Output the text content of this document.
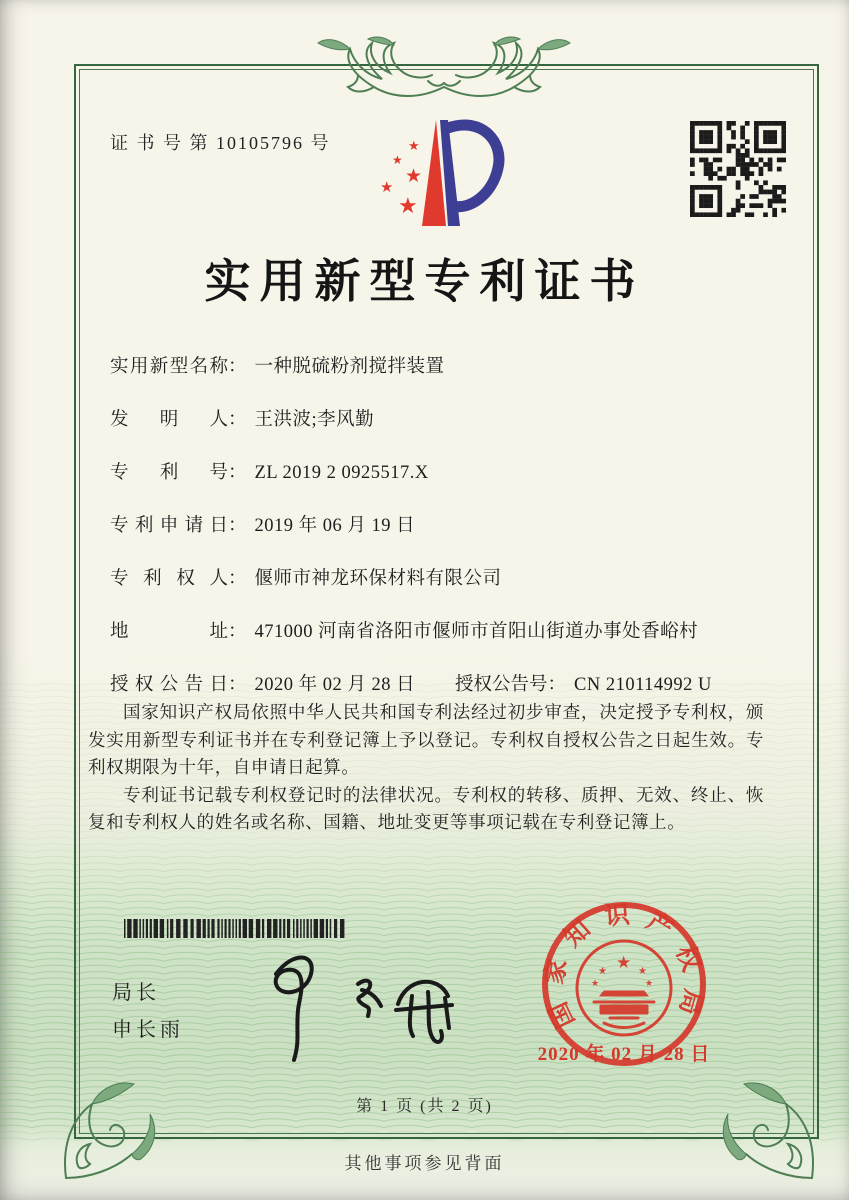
证 书 号 第 10105796 号	★
★
★
★
★
实用新型专利证书
实用新型名称： 一种脱硫粉剂搅拌装置
发明人： 王洪波;李风勤
专利号： ZL 2019 2 0925517.X
专利申请日： 2019 年 06 月 19 日
专利权人： 偃师市神龙环保材料有限公司
地址： 471000 河南省洛阳市偃师市首阳山街道办事处香峪村
授权公告日： 2020 年 02 月 28 日 授权公告号： CN 210114992 U

国家知识产权局依照中华人民共和国专利法经过初步审查，决定授予专利权，颁发实用新型专利证书并在专利登记簿上予以登记。专利权自授权公告之日起生效。专利权期限为十年，自申请日起算。

专利证书记载专利权登记时的法律状况。专利权的转移、质押、无效、终止、恢复和专利权人的姓名或名称、国籍、地址变更等事项记载在专利登记簿上。

局长
申长雨	国家知识产权局
★
★	★
★	★
2020 年 02 月 28 日
第 1 页 (共 2 页)
其他事项参见背面
